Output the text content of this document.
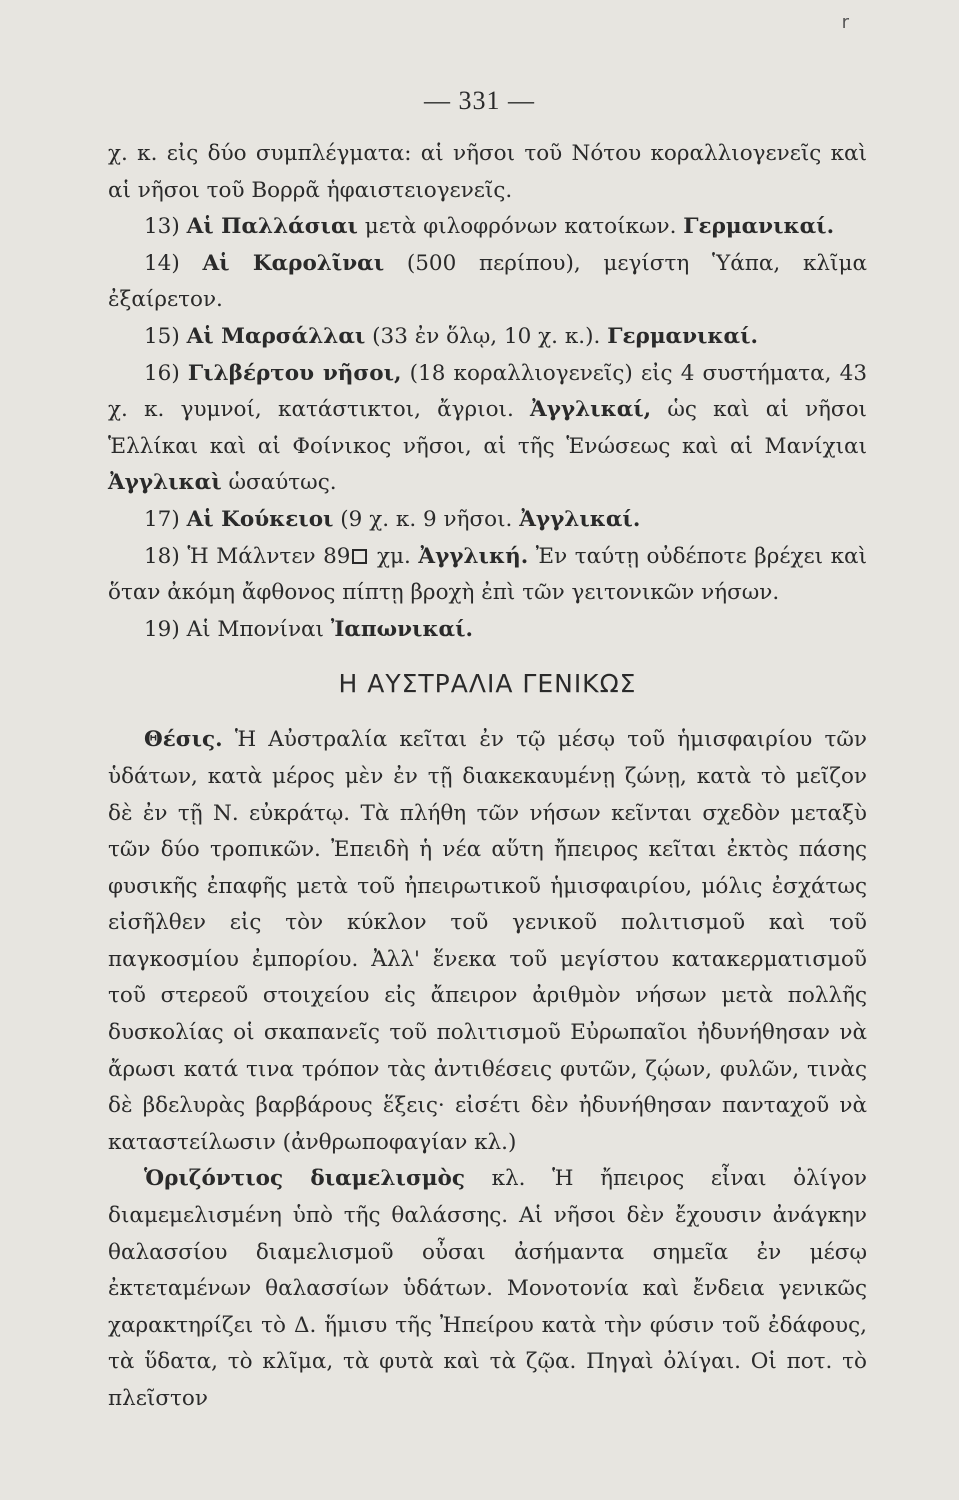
r
— 331 —

χ. κ. εἰς δύο συμπλέγματα: αἱ νῆσοι τοῦ Νότου κοραλλιογενεῖς καὶ αἱ νῆσοι τοῦ Βορρᾶ ἡφαιστειογενεῖς.

13) Αἱ Παλλάσιαι μετὰ φιλοφρόνων κατοίκων. Γερμανικαί.

14) Αἱ Καρολῖναι (500 περίπου), μεγίστη Ὑάπα, κλῖμα ἐξαίρετον.

15) Αἱ Μαρσάλλαι (33 ἐν ὅλῳ, 10 χ. κ.). Γερμανικαί.

16) Γιλβέρτου νῆσοι, (18 κοραλλιογενεῖς) εἰς 4 συστήματα, 43 χ. κ. γυμνοί, κατάστικτοι, ἄγριοι. Ἀγγλικαί, ὡς καὶ αἱ νῆσοι Ἑλλίκαι καὶ αἱ Φοίνικος νῆσοι, αἱ τῆς Ἑνώσεως καὶ αἱ Μανίχιαι Ἀγγλικαὶ ὡσαύτως.

17) Αἱ Κούκειοι (9 χ. κ. 9 νῆσοι. Ἀγγλικαί.

18) Ἡ Μάλντεν 89 χμ. Ἀγγλική. Ἐν ταύτῃ οὐδέποτε βρέχει καὶ ὅταν ἀκόμη ἄφθονος πίπτῃ βροχὴ ἐπὶ τῶν γειτονικῶν νήσων.

19) Αἱ Μπονίναι Ἰαπωνικαί.

Η ΑΥΣΤΡΑΛΙΑ ΓΕΝΙΚΩΣ

Θέσις. Ἡ Αὐστραλία κεῖται ἐν τῷ μέσῳ τοῦ ἡμισφαιρίου τῶν ὑδάτων, κατὰ μέρος μὲν ἐν τῇ διακεκαυμένῃ ζώνῃ, κατὰ τὸ μεῖζον δὲ ἐν τῇ Ν. εὐκράτῳ. Τὰ πλήθη τῶν νήσων κεῖνται σχεδὸν μεταξὺ τῶν δύο τροπικῶν. Ἐπειδὴ ἡ νέα αὕτη ἤπειρος κεῖται ἐκτὸς πάσης φυσικῆς ἐπαφῆς μετὰ τοῦ ἠπειρωτικοῦ ἡμισφαιρίου, μόλις ἐσχάτως εἰσῆλθεν εἰς τὸν κύκλον τοῦ γενικοῦ πολιτισμοῦ καὶ τοῦ παγκοσμίου ἐμπορίου. Ἀλλ' ἕνεκα τοῦ μεγίστου κατακερματισμοῦ τοῦ στερεοῦ στοιχείου εἰς ἄπειρον ἀριθμὸν νήσων μετὰ πολλῆς δυσκολίας οἱ σκαπανεῖς τοῦ πολιτισμοῦ Εὐρωπαῖοι ἠδυνήθησαν νὰ ἄρωσι κατά τινα τρόπον τὰς ἀντιθέσεις φυτῶν, ζῴων, φυλῶν, τινὰς δὲ βδελυρὰς βαρβάρους ἕξεις· εἰσέτι δὲν ἠδυνήθησαν πανταχοῦ νὰ καταστείλωσιν (ἀνθρωποφαγίαν κλ.)

Ὁριζόντιος διαμελισμὸς κλ. Ἡ ἤπειρος εἶναι ὀλίγον διαμεμελισμένη ὑπὸ τῆς θαλάσσης. Αἱ νῆσοι δὲν ἔχουσιν ἀνάγκην θαλασσίου διαμελισμοῦ οὖσαι ἀσήμαντα σημεῖα ἐν μέσῳ ἐκτεταμένων θαλασσίων ὑδάτων. Μονοτονία καὶ ἔνδεια γενικῶς χαρακτηρίζει τὸ Δ. ἥμισυ τῆς Ἠπείρου κατὰ τὴν φύσιν τοῦ ἐδάφους, τὰ ὕδατα, τὸ κλῖμα, τὰ φυτὰ καὶ τὰ ζῷα. Πηγαὶ ὀλίγαι. Οἱ ποτ. τὸ πλεῖστον
